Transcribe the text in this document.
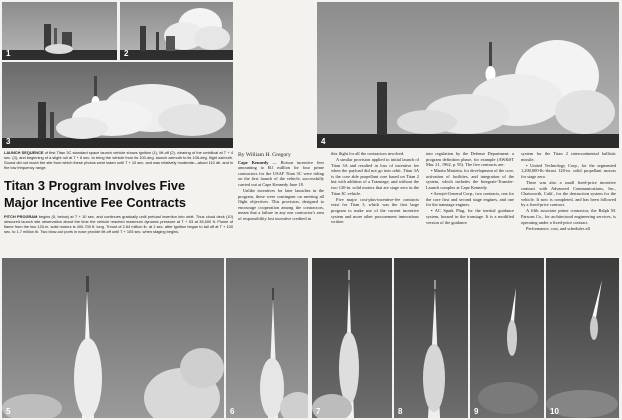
1	2
3	4
5	6	7	8	9	10
LAUNCH SEQUENCE of first Titan 3C standard space launch vehicle shows ignition (1), lift-off (2), clearing of the umbilical at T + 4 sec. (3), and beginning of a slight roll at T + 6 sec. to bring the vehicle from its 100-deg. launch azimuth to its 106-deg. flight azimuth. Sound did not reach the site from which these photos were taken until T + 10 sec. and was relatively moderate—about 110 db. and in the low frequency range.
Titan 3 Program Involves Five
Major Incentive Fee Contracts
PITCH PROGRAM begins (5, below) at T + 10 sec. and continues gradually until preload insertion into orbit. Thus cloud deck (10) obscured launch site observation about the time the vehicle reached maximum dynamic pressure at T + 53 at 35,000 ft. Plume of flame from the two 120-in. solid motors is 400-700 ft. long. Thrust of 2.64 million lb. at 1 sec. after ignition began to tail off at T + 100 sec. to 1.7 million lb. Two blow-out ports in nose provide lift-off until T + 105 sec. when staging begins.

By William H. Gregory

Cape Kennedy — Boison incentive fees amounting to $l.l million for four prime contractors for the USAF Titan 3C were riding on the first launch of the vehicle, successfully carried out at Cape Kennedy June 18.

Unlike incentives for later launches in the program, these were contingent on meeting all flight objectives. This provision, designed to encourage cooperation among the contractors, meant that a failure in any one contractor's area of responsibility lost incentive credited in

this flight for all the contractors involved.

A similar provision applied to initial launch of Titan 3A and resulted in loss of incentive fee when the payload did not go into orbit. Titan 3A is the core able propellant core based on Titan 2 but with addition of a Transtage, and without the two 120-in. solid motors that are stage zero in the Titan 3C vehicle.

Five major cost-plus-incentive-fee contracts exist for Titan 3, which was the first large program to make use of the current incentive system and more other procurement innovations written

into regulation by the Defense Department: a program definition phase, for example (AW&ST Mar. 21, 1962, p. 95). The five contracts are:

• Martin Marietta, for development of the core, activation of facilities, and integration of the system, which includes the Integrate-Transfer-Launch complex at Cape Kennedy.

• Aerojet-General Corp., two contracts, one for the core first and second stage engines, and one for the transtage engines.

• AC Spark Plug, for the inertial guidance system, housed in the transtage. It is a modified version of the guidance

system for the Titan 2 intercontinental ballistic missile.

• United Technology Corp., for the segmented 1,200,000-lb.-thrust 120-in. solid propellant motors for stage zero.

There was also a small fixed-price incentive contract with Advanced Communications, Inc., Chatsworth, Calif., for the destruction system for the vehicle. It now is completed, and has been followed by a fixed-price contract.

A fifth associate prime contractor, the Ralph M. Parsons Co., for architectural engineering services, is operating under a fixed-price contract.

Performance, cost, and schedules all
